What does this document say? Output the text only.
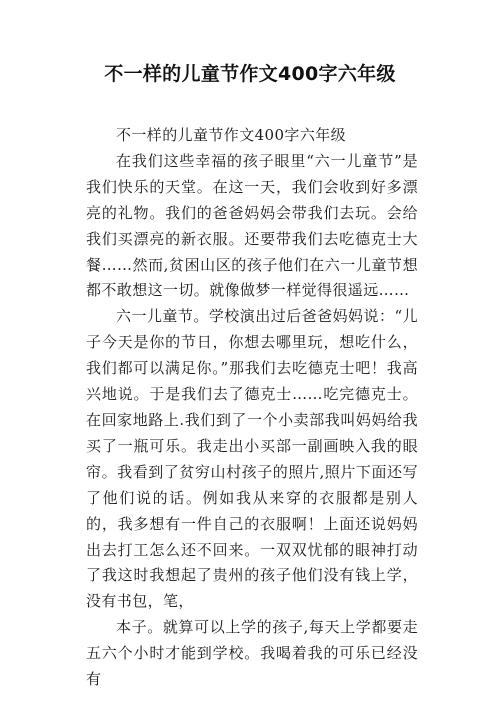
不一样的儿童节作文400字六年级

不一样的儿童节作文400字六年级

在我们这些幸福的孩子眼里“六一儿童节”是我们快乐的天堂。在这一天，我们会收到好多漂亮的礼物。我们的爸爸妈妈会带我们去玩。会给我们买漂亮的新衣服。还要带我们去吃德克士大餐……然而,贫困山区的孩子他们在六一儿童节想都不敢想这一切。就像做梦一样觉得很遥远……

六一儿童节。学校演出过后爸爸妈妈说：“儿子今天是你的节日，你想去哪里玩，想吃什么，我们都可以满足你。”那我们去吃德克士吧！我高兴地说。于是我们去了德克士……吃完德克士。在回家地路上.我们到了一个小卖部我叫妈妈给我买了一瓶可乐。我走出小买部一副画映入我的眼帘。我看到了贫穷山村孩子的照片,照片下面还写了他们说的话。例如我从来穿的衣服都是别人的，我多想有一件自己的衣服啊！上面还说妈妈出去打工怎么还不回来。一双双忧郁的眼神打动了我这时我想起了贵州的孩子他们没有钱上学，没有书包，笔，

本子。就算可以上学的孩子,每天上学都要走五六个小时才能到学校。我喝着我的可乐已经没有
